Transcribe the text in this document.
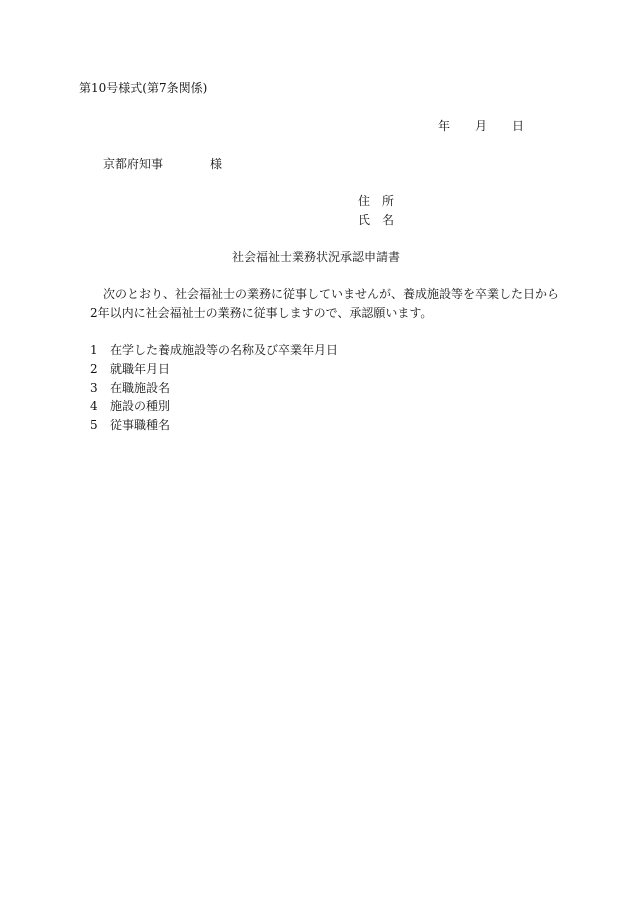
第10号様式(第7条関係)
年 月 日
京都府知事	様
住 所
氏 名
社会福祉士業務状況承認申請書
次のとおり、社会福祉士の業務に従事していませんが、養成施設等を卒業した日から
2年以内に社会福祉士の業務に従事しますので、承認願います。
1 在学した養成施設等の名称及び卒業年月日
2 就職年月日
3 在職施設名
4 施設の種別
5 従事職種名
